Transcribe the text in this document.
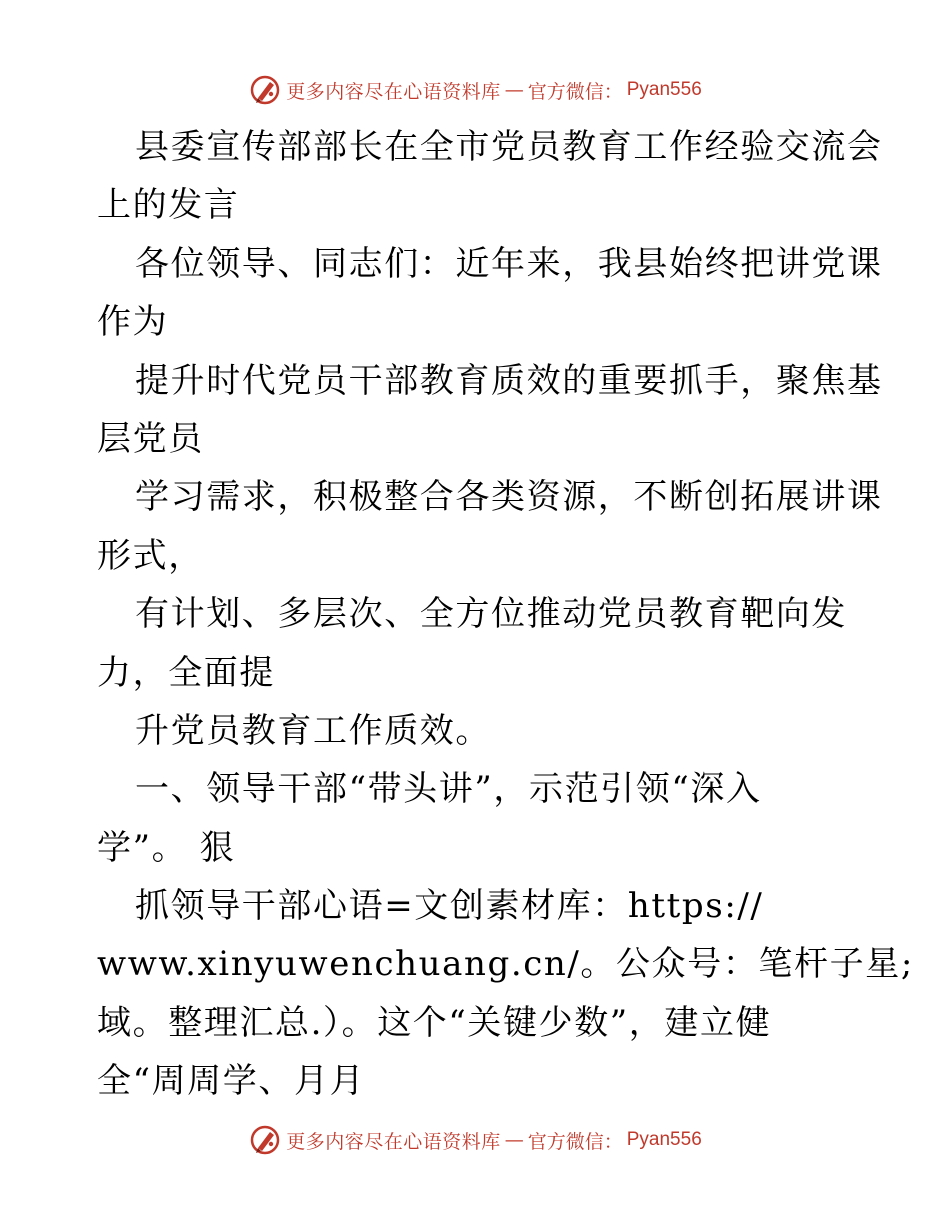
更多内容尽在心语资料库 — 官方微信： Pyan556
县委宣传部部长在全市党员教育工作经验交流会
上的发言
各位领导、同志们：近年来，我县始终把讲党课
作为
提升时代党员干部教育质效的重要抓手，聚焦基
层党员
学习需求，积极整合各类资源，不断创拓展讲课
形式，
有计划、多层次、全方位推动党员教育靶向发
力，全面提
升党员教育工作质效。
一、领导干部“带头讲”，示范引领“深入
学”。 狠
抓领导干部心语=文创素材库：https://
www.xinyuwenchuang.cn/。公众号：笔杆子星;
域。整理汇总.）。这个“关键少数”，建立健
全“周周学、月月
更多内容尽在心语资料库 — 官方微信： Pyan556
